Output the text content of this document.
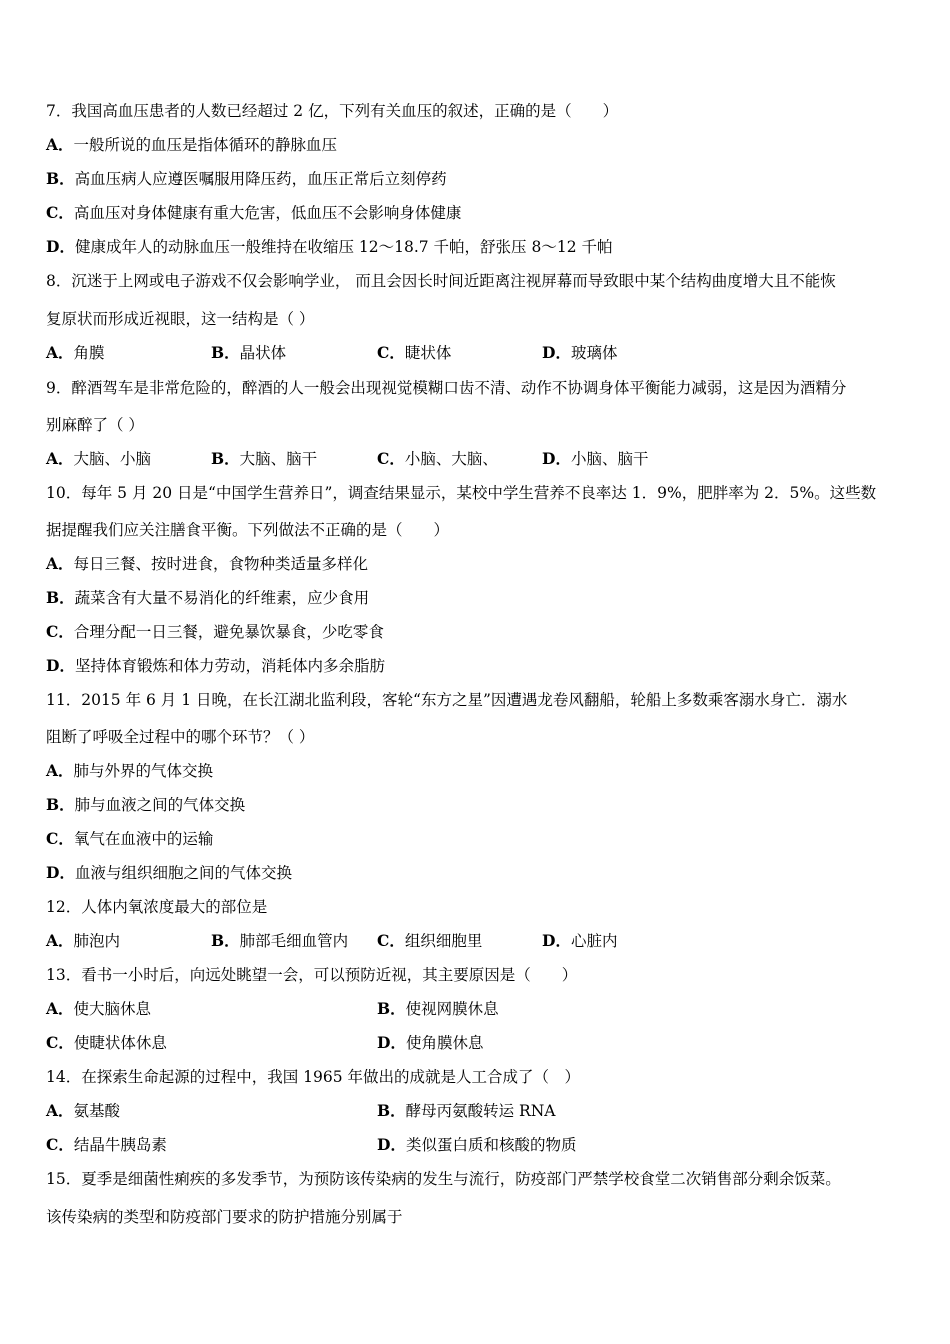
7．我国高血压患者的人数已经超过 2 亿，下列有关血压的叙述，正确的是（　　）
A．一般所说的血压是指体循环的静脉血压
B．高血压病人应遵医嘱服用降压药，血压正常后立刻停药
C．高血压对身体健康有重大危害，低血压不会影响身体健康
D．健康成年人的动脉血压一般维持在收缩压 12～18.7 千帕，舒张压 8～12 千帕
8．沉迷于上网或电子游戏不仅会影响学业， 而且会因长时间近距离注视屏幕而导致眼中某个结构曲度增大且不能恢
复原状而形成近视眼，这一结构是（ ）
A．角膜	B．晶状体	C．睫状体	D．玻璃体
9．醉酒驾车是非常危险的，醉酒的人一般会出现视觉模糊口齿不清、动作不协调身体平衡能力减弱，这是因为酒精分
别麻醉了（ ）
A．大脑、小脑	B．大脑、脑干	C．小脑、大脑、	D．小脑、脑干
10．每年 5 月 20 日是“中国学生营养日”，调查结果显示，某校中学生营养不良率达 1．9%，肥胖率为 2．5%。这些数
据提醒我们应关注膳食平衡。下列做法不正确的是（　　）
A．每日三餐、按时进食，食物种类适量多样化
B．蔬菜含有大量不易消化的纤维素，应少食用
C．合理分配一日三餐，避免暴饮暴食，少吃零食
D．坚持体育锻炼和体力劳动，消耗体内多余脂肪
11．2015 年 6 月 1 日晚，在长江湖北监利段，客轮“东方之星”因遭遇龙卷风翻船，轮船上多数乘客溺水身亡．溺水
阻断了呼吸全过程中的哪个环节？（ ）
A．肺与外界的气体交换
B．肺与血液之间的气体交换
C．氧气在血液中的运输
D．血液与组织细胞之间的气体交换
12．人体内氧浓度最大的部位是
A．肺泡内	B．肺部毛细血管内 C．组织细胞里	D．心脏内
13．看书一小时后，向远处眺望一会，可以预防近视，其主要原因是（　　）
A．使大脑休息	B．使视网膜休息
C．使睫状体休息	D．使角膜休息
14．在探索生命起源的过程中，我国 1965 年做出的成就是人工合成了（　）
A．氨基酸	B．酵母丙氨酸转运 RNA
C．结晶牛胰岛素	D．类似蛋白质和核酸的物质
15．夏季是细菌性痢疾的多发季节，为预防该传染病的发生与流行，防疫部门严禁学校食堂二次销售部分剩余饭菜。
该传染病的类型和防疫部门要求的防护措施分别属于
